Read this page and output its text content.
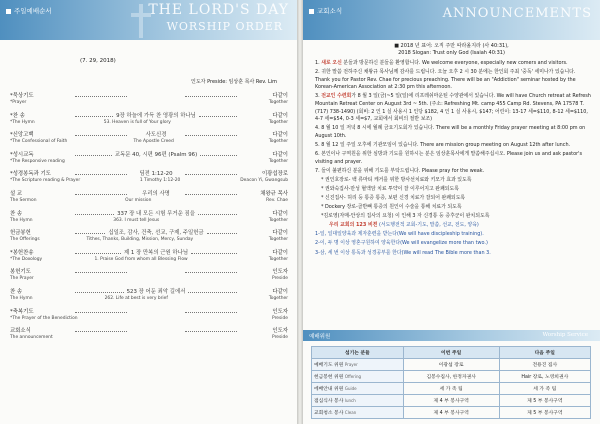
주일예배순서	THE LORD'S DAY
WORSHIP ORDER
(7. 29, 2018)
인도자 Preside: 임상훈 목사 Rev. Lim
*묵상기도	다같이
*Prayer	Together
*찬 송	9장 하늘에 가득 찬 영광의 하나님	다같이
*The Hymn	53. Heaven is full of Your glory	Together
*신앙고백	사도신경	다같이
*The Confessional of Faith	The Apostle Creed	Together
*성시교독	교독문 40, 시편 96편 (Psalm 96)	다같이
*The Responsive reading	Together
*성경봉독과 기도	딤전 1:12-20	이광섭장로
*The Scripture reading & Prayer	1 Timothy 1:12-20	Deacon Yi, Gwangsub
설 교	우리의 사명	채왕규 목사
The Sermon	Our mission	Rev. Chae
찬 송	337 장 내 모든 시험 무거운 짐을	다같이
The Hymn	363. I must tell Jesus	Together
헌금봉헌	십일조, 감사, 건축, 선교, 구제, 주일헌금	다같이
The Offerings	Tithes, Thanks, Building, Mission, Mercy, Sunday	Together
*봉헌찬송	제 1 장 만복의 근원 하나님	다같이
*The Doxology	1. Praise God from whom all Blessing Flow	Together
봉헌기도	인도자
The Prayer	Preside
찬 송	523 장 어둔 죄악 길에서	다같이
The Hymn	262. Life at best is very brief	Together
*축복기도	인도자
*The Prayer of the Benediction	Preside
교회소식	인도자
The announcement	Preside
교회소식	ANNOUNCEMENTS
■ 2018 년 표어: 오직 주만 따라올지라 (사 40:31),
2018 Slogan: Trust only God (Isaiah 40:31)

1. 새로 오신 분들과 방문하신 분들을 환영합니다. We welcome everyone, especially new comers and visitors.

2. 귀한 말씀 전하주신 채왕규 목사님께 감사를 드립니다. 오늘 오후 2 시 30 분에는 한인회 주최 '중독' 세미나가 있습니다. Thank you for Pastor Rev. Chae for precious preaching. There will be an "Addiction" seminar hosted by the Korean-American Association at 2:30 pm this afternoon.

3. 전교인 수련회가 8 월 3 일(금)~5 일(일)에 리프레쉬마운틴 수양관에서 있습니다. We will have Church retreat at Refresh Mountain Retreat Center on August 3rd ~ 5th. (주소: Refreshing Mt. camp 455 Camp Rd. Stevens, PA 17578 T. (717) 738-1490) (회비: 2 인 1 실 사용시 1 인당 $182, 4 인 1 실 사용시, $147; 어린이: 13-17 세=$110, 8-12 세=$110, 4-7 세=$54, 0-3 세=$7, 교회에서 회비의 절반 보조)

4. 8 월 10 일 저녁 8 시에 월례 금요기도회가 있습니다. There will be a monthly Friday prayer meeting at 8:00 pm on August 10th.

5. 8 월 12 일 주일 오후에 기관모임이 있습니다. There are mission group meeting on August 12th after lunch.

6. 본인이나 구역원을 위한 심방과 기도를 원하시는 분은 임상훈목사에게 말씀해주십시오. Please join us and ask pastor's visiting and prayer.

7. 들이 불편하신 분을 위해 기도를 부탁드립니다. Please pray for the weak.

* 권인호장로- 백 류마티 케거를 위한 방사선치료와 키모가 효과 있도록

* 권와숙집사-만성 혈액암 치료 투약이 잘 이루어지고 완쾌되도록

* 신진집사- 허리 등 통증 통증, 보편 신경 치료가 잘되어 완쾌되도록

* Dockery 장로-골반뼈 통증의 원인이 수술을 통해 치료가 되도록

*김로영(자매-안상의 집사의 요청) 이 인해 3 자 신경통 등 증후군이 완치되도록

우리 교회의 123 비젼 (서도행전적 교회-기도, 말씀, 선교, 전도, 양육)

1-일, 일대일양육과 제자훈련을 받는다(We will have discipleship training).

2-이, 두 명 이상 영혼구원하여 양육한다(We will evangelize more than two.)

3-삼, 세 번 이상 통독과 성경공부를 한다(We will read The Bible more than 3.

예배위원	Worship Service
섬기는 분들	이번 주일	다음 주일
예배기도 위원 Prayer	이광섭 장로	전용진 집사
헌금봉헌 위원 Offering	김봉수집사, 한정자권사	Hair 장로, 노영희권사
에배안내 위원 Guide	세 가 족 팀	세 가 족 팀
점심식사 봉사 lunch	제 4 부 봉사구역	제 5 부 봉사구역
교회청소 봉사 Clean	제 4 부 봉사구역	제 5 부 봉사구역
